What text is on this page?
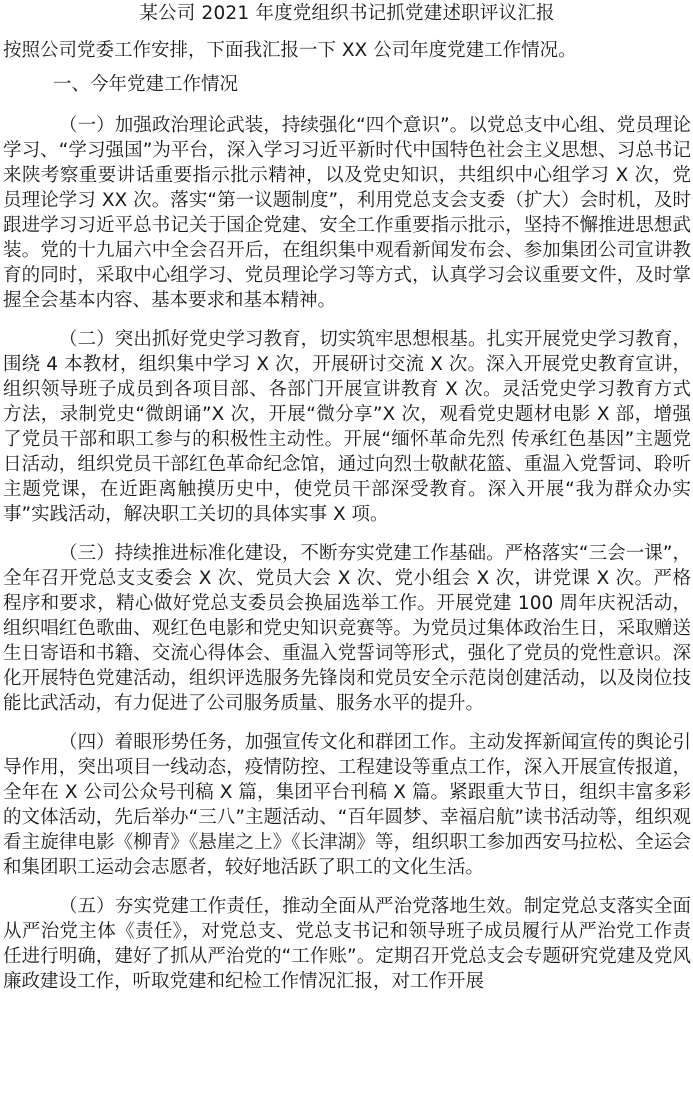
某公司 2021 年度党组织书记抓党建述职评议汇报

按照公司党委工作安排，下面我汇报一下 XX 公司年度党建工作情况。

一、今年党建工作情况

（一）加强政治理论武装，持续强化“四个意识”。以党总支中心组、党员理论学习、“学习强国”为平台，深入学习习近平新时代中国特色社会主义思想、习总书记来陕考察重要讲话重要指示批示精神，以及党史知识，共组织中心组学习 X 次，党员理论学习 XX 次。落实“第一议题制度”，利用党总支会支委（扩大）会时机，及时跟进学习习近平总书记关于国企党建、安全工作重要指示批示，坚持不懈推进思想武装。党的十九届六中全会召开后，在组织集中观看新闻发布会、参加集团公司宣讲教育的同时，采取中心组学习、党员理论学习等方式，认真学习会议重要文件，及时掌握全会基本内容、基本要求和基本精神。

（二）突出抓好党史学习教育，切实筑牢思想根基。扎实开展党史学习教育，围绕 4 本教材，组织集中学习 X 次，开展研讨交流 X 次。深入开展党史教育宣讲，组织领导班子成员到各项目部、各部门开展宣讲教育 X 次。灵活党史学习教育方式方法，录制党史“微朗诵”X 次，开展“微分享”X 次，观看党史题材电影 X 部，增强了党员干部和职工参与的积极性主动性。开展“缅怀革命先烈 传承红色基因”主题党日活动，组织党员干部红色革命纪念馆，通过向烈士敬献花篮、重温入党誓词、聆听主题党课，在近距离触摸历史中，使党员干部深受教育。深入开展“我为群众办实事”实践活动，解决职工关切的具体实事 X 项。

（三）持续推进标准化建设，不断夯实党建工作基础。严格落实“三会一课”，全年召开党总支支委会 X 次、党员大会 X 次、党小组会 X 次，讲党课 X 次。严格程序和要求，精心做好党总支委员会换届选举工作。开展党建 100 周年庆祝活动，组织唱红色歌曲、观红色电影和党史知识竞赛等。为党员过集体政治生日，采取赠送生日寄语和书籍、交流心得体会、重温入党誓词等形式，强化了党员的党性意识。深化开展特色党建活动，组织评选服务先锋岗和党员安全示范岗创建活动，以及岗位技能比武活动，有力促进了公司服务质量、服务水平的提升。

（四）着眼形势任务，加强宣传文化和群团工作。主动发挥新闻宣传的舆论引导作用，突出项目一线动态，疫情防控、工程建设等重点工作，深入开展宣传报道，全年在 X 公司公众号刊稿 X 篇，集团平台刊稿 X 篇。紧跟重大节日，组织丰富多彩的文体活动，先后举办“三八”主题活动、“百年圆梦、幸福启航”读书活动等，组织观看主旋律电影《柳青》《悬崖之上》《长津湖》等，组织职工参加西安马拉松、全运会和集团职工运动会志愿者，较好地活跃了职工的文化生活。

（五）夯实党建工作责任，推动全面从严治党落地生效。制定党总支落实全面从严治党主体《责任》，对党总支、党总支书记和领导班子成员履行从严治党工作责任进行明确，建好了抓从严治党的“工作账”。定期召开党总支会专题研究党建及党风廉政建设工作，听取党建和纪检工作情况汇报，对工作开展
